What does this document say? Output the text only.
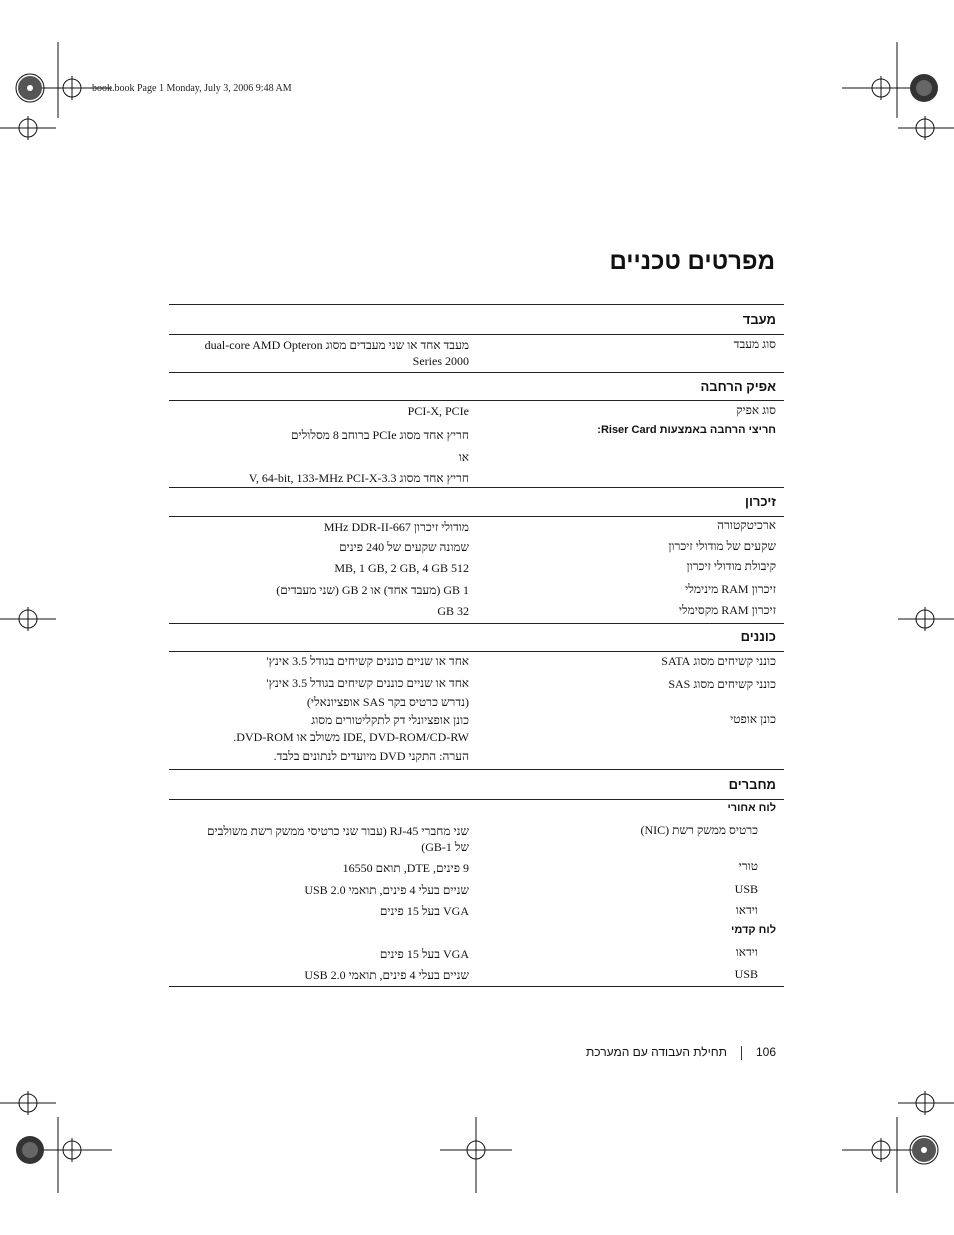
book.book Page 1 Monday, July 3, 2006 9:48 AM
מפרטים טכניים
מעבד
סוג מעבד
מעבד אחד או שני מעבדים מסוג dual-core AMD Opteron
2000 Series
אפיק הרחבה
סוג אפיק
PCI-X, PCIe
חריצי הרחבה באמצעות Riser Card:
חריץ אחד מסוג PCIe ברוחב 8 מסלולים
או
חריץ אחד מסוג 3.3-V, 64-bit, 133-MHz PCI-X
זיכרון
ארכיטקטורה
מודולי זיכרון 667-MHz DDR-II
שקעים של מודולי זיכרון
שמונה שקעים של 240 פינים
קיבולת מודולי זיכרון
512 MB, 1 GB, 2 GB, 4 GB
זיכרון RAM מינימלי
1 GB (מעבד אחד) או 2 GB (שני מעבדים)
זיכרון RAM מקסימלי
32 GB
כוננים
כונני קשיחים מסוג SATA
אחד או שניים כוננים קשיחים בגודל 3.5 אינץ'
כונני קשיחים מסוג SAS
אחד או שניים כוננים קשיחים בגודל 3.5 אינץ'
(נדרש כרטיס בקר SAS אופציונאלי)
כונן אופטי
כונן אופציונלי דק לתקליטורים מסוג
IDE, DVD-ROM/CD-RW משולב או DVD-ROM.
הערה: התקני DVD מיועדים לנתונים בלבד.
מחברים
לוח אחורי
כרטיס ממשק רשת (NIC)
שני מחברי RJ-45 (עבור שני כרטיסי ממשק רשת משולבים
של 1-GB)
טורי
9 פינים, DTE, תואם 16550
USB
שניים בעלי 4 פינים, תואמי USB 2.0
וידאו
VGA בעל 15 פינים
לוח קדמי
וידאו
VGA בעל 15 פינים
USB
שניים בעלי 4 פינים, תואמי USB 2.0
106תחילת העבודה עם המערכת
